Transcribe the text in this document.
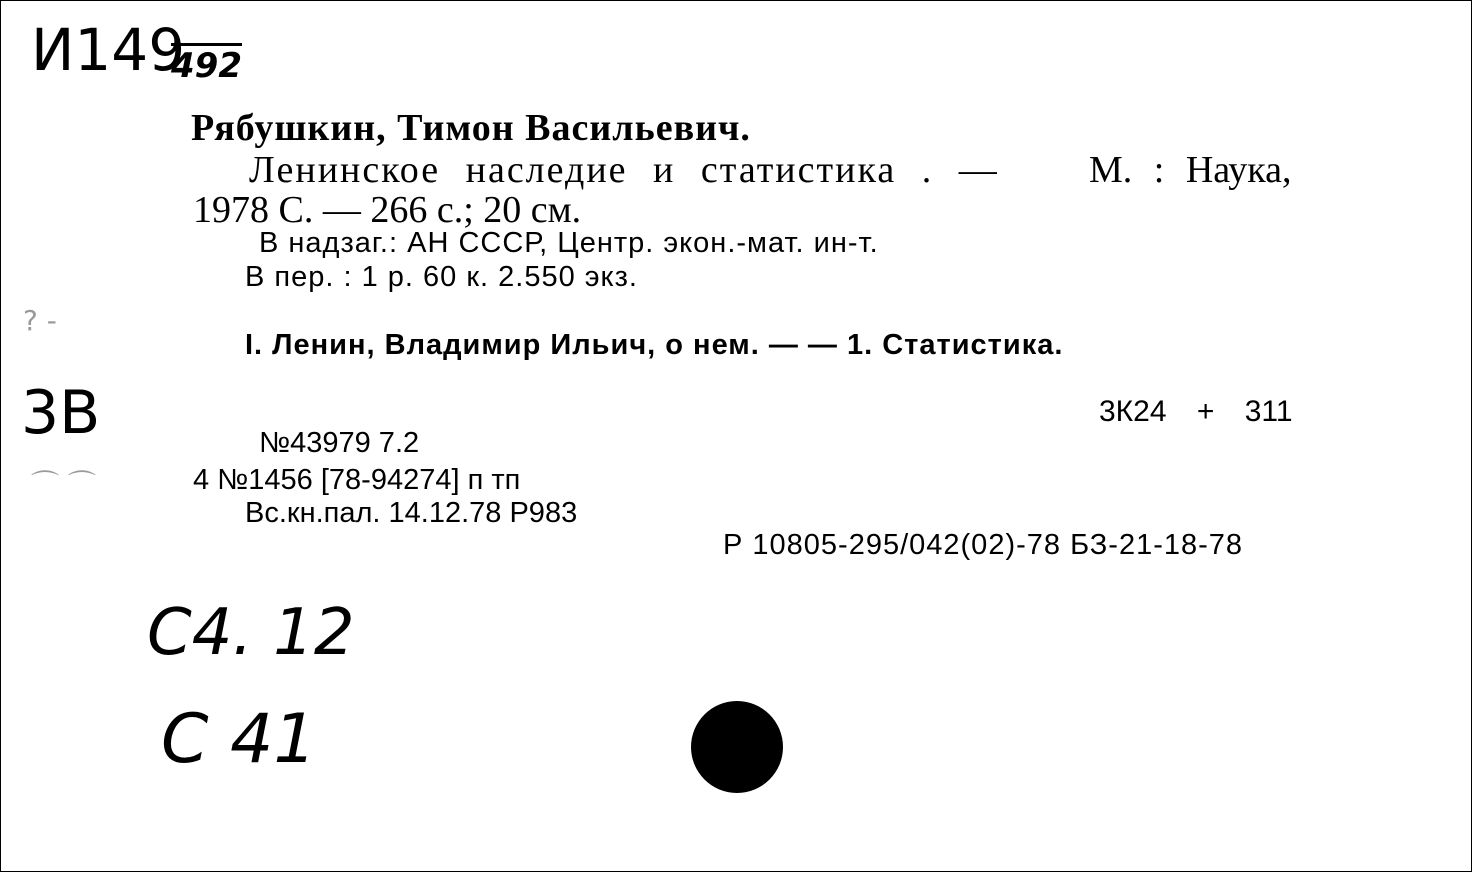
И149
492
Рябушкин, Тимон Васильевич.
Ленинское наследие и статистика . — М. : Наука,
1978 С. — 266 с.; 20 см.
В надзаг.: АН СССР, Центр. экон.-мат. ин-т.
В пер. : 1 р. 60 к. 2.550 экз.
? -
I. Ленин, Владимир Ильич, о нем. — — 1. Статистика.
3B	3К24 + 311
⌒ ⌒
№43979 7.2
4 №1456 [78-94274] п тп
Вс.кн.пал. 14.12.78 Р983
Р 10805-295/042(02)-78 БЗ-21-18-78
С4. 12
С 41
